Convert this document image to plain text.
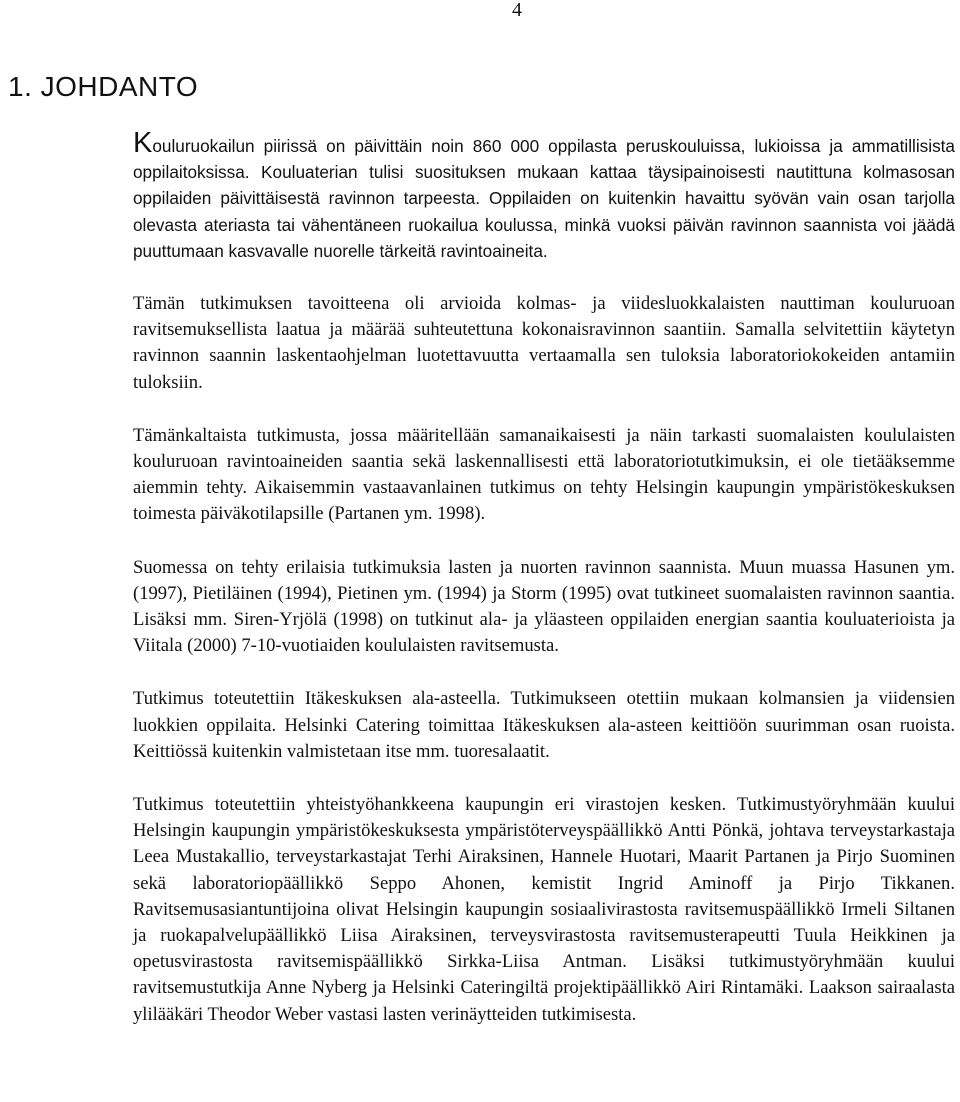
4
1. JOHDANTO

Kouluruokailun piirissä on päivittäin noin 860 000 oppilasta peruskouluissa, lukioissa ja ammatillisista oppilaitoksissa. Kouluaterian tulisi suosituksen mukaan kattaa täysipainoisesti nautittuna kolmasosan oppilaiden päivittäisestä ravinnon tarpeesta. Oppilaiden on kuitenkin havaittu syövän vain osan tarjolla olevasta ateriasta tai vähentäneen ruokailua koulussa, minkä vuoksi päivän ravinnon saannista voi jäädä puuttumaan kasvavalle nuorelle tärkeitä ravintoaineita.

Tämän tutkimuksen tavoitteena oli arvioida kolmas- ja viidesluokkalaisten nauttiman kouluruoan ravitsemuksellista laatua ja määrää suhteutettuna kokonaisravinnon saantiin. Samalla selvitettiin käytetyn ravinnon saannin laskentaohjelman luotettavuutta vertaamalla sen tuloksia laboratoriokokeiden antamiin tuloksiin.

Tämänkaltaista tutkimusta, jossa määritellään samanaikaisesti ja näin tarkasti suomalaisten koululaisten kouluruoan ravintoaineiden saantia sekä laskennallisesti että laboratoriotutkimuksin, ei ole tietääksemme aiemmin tehty. Aikaisemmin vastaavanlainen tutkimus on tehty Helsingin kaupungin ympäristökeskuksen toimesta päiväkotilapsille (Partanen ym. 1998).

Suomessa on tehty erilaisia tutkimuksia lasten ja nuorten ravinnon saannista. Muun muassa Hasunen ym. (1997), Pietiläinen (1994), Pietinen ym. (1994) ja Storm (1995) ovat tutkineet suomalaisten ravinnon saantia. Lisäksi mm. Siren-Yrjölä (1998) on tutkinut ala- ja yläasteen oppilaiden energian saantia kouluaterioista ja Viitala (2000) 7-10-vuotiaiden koululaisten ravitsemusta.

Tutkimus toteutettiin Itäkeskuksen ala-asteella. Tutkimukseen otettiin mukaan kolmansien ja viidensien luokkien oppilaita. Helsinki Catering toimittaa Itäkeskuksen ala-asteen keittiöön suurimman osan ruoista. Keittiössä kuitenkin valmistetaan itse mm. tuoresalaatit.

Tutkimus toteutettiin yhteistyöhankkeena kaupungin eri virastojen kesken. Tutkimustyöryhmään kuului Helsingin kaupungin ympäristökeskuksesta ympäristöterveyspäällikkö Antti Pönkä, johtava terveystarkastaja Leea Mustakallio, terveystarkastajat Terhi Airaksinen, Hannele Huotari, Maarit Partanen ja Pirjo Suominen sekä laboratoriopäällikkö Seppo Ahonen, kemistit Ingrid Aminoff ja Pirjo Tikkanen. Ravitsemusasiantuntijoina olivat Helsingin kaupungin sosiaalivirastosta ravitsemuspäällikkö Irmeli Siltanen ja ruokapalvelupäällikkö Liisa Airaksinen, terveysvirastosta ravitsemusterapeutti Tuula Heikkinen ja opetusvirastosta ravitsemispäällikkö Sirkka-Liisa Antman. Lisäksi tutkimustyöryhmään kuului ravitsemustutkija Anne Nyberg ja Helsinki Cateringiltä projektipäällikkö Airi Rintamäki. Laakson sairaalasta ylilääkäri Theodor Weber vastasi lasten verinäytteiden tutkimisesta.
